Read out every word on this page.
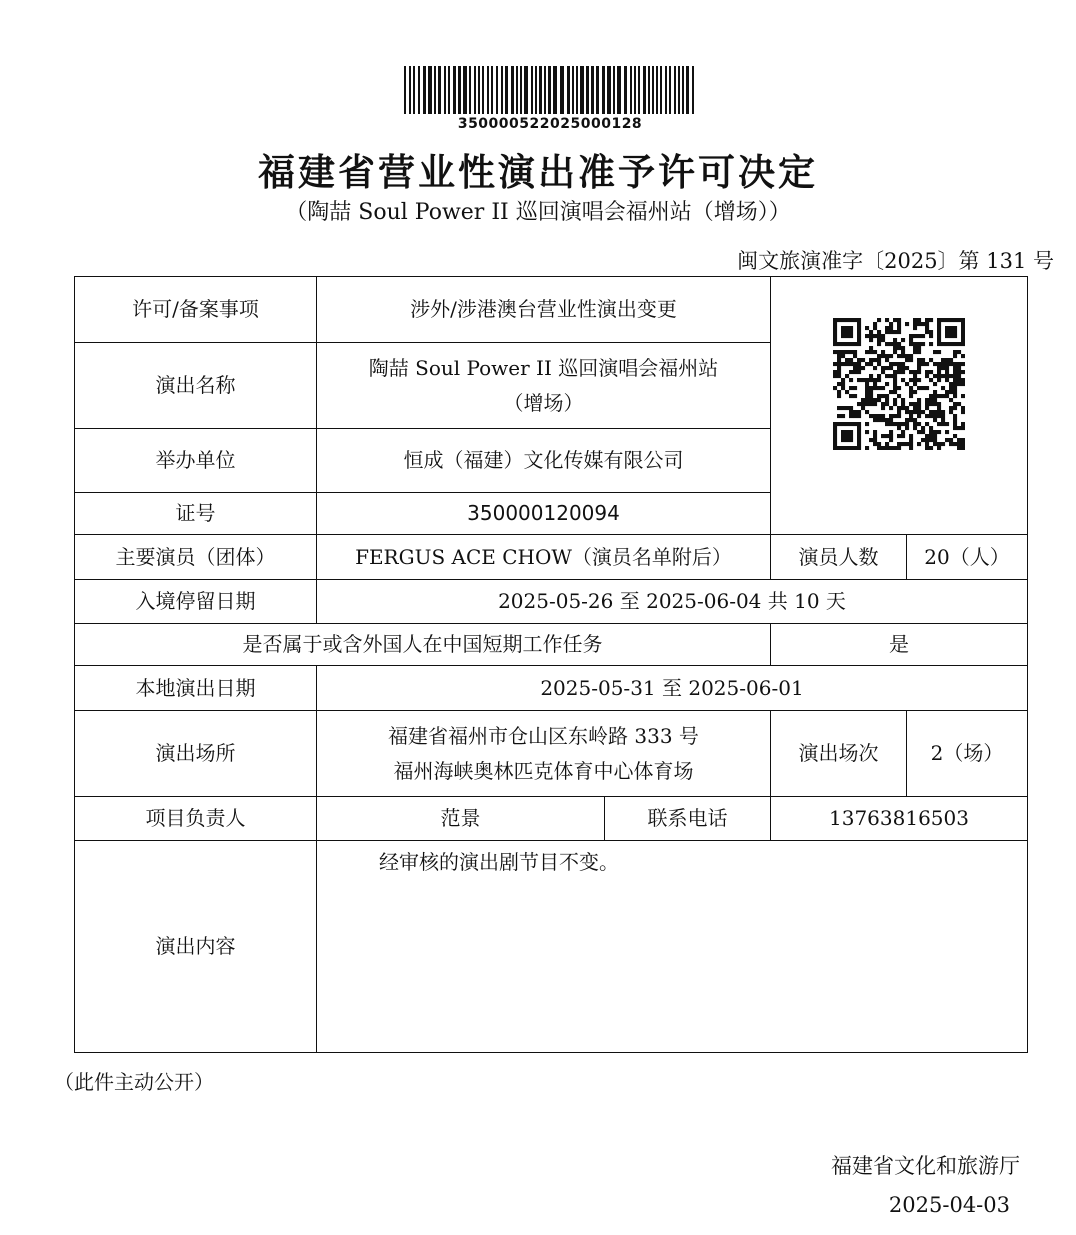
350000522025000128
福建省营业性演出准予许可决定
（陶喆 Soul Power II 巡回演唱会福州站（增场））
闽文旅演准字〔2025〕第 131 号
许可/备案事项	涉外/涉港澳台营业性演出变更	

演出名称	陶喆 Soul Power II 巡回演唱会福州站
（增场）			

举办单位	恒成（福建）文化传媒有限公司			
证号	350000120094			
主要演员（团体）	FERGUS ACE CHOW（演员名单附后）		演员人数	20（人）
入境停留日期	2025-05-26 至 2025-06-04 共 10 天			
是否属于或含外国人在中国短期工作任务			是	
本地演出日期	2025-05-31 至 2025-06-01			
演出场所	福建省福州市仓山区东岭路 333 号
福州海峡奥林匹克体育中心体育场		演出场次	2（场）
项目负责人	范景	联系电话	13763816503	
演出内容	经审核的演出剧节目不变。			
（此件主动公开）
福建省文化和旅游厅
2025-04-03
